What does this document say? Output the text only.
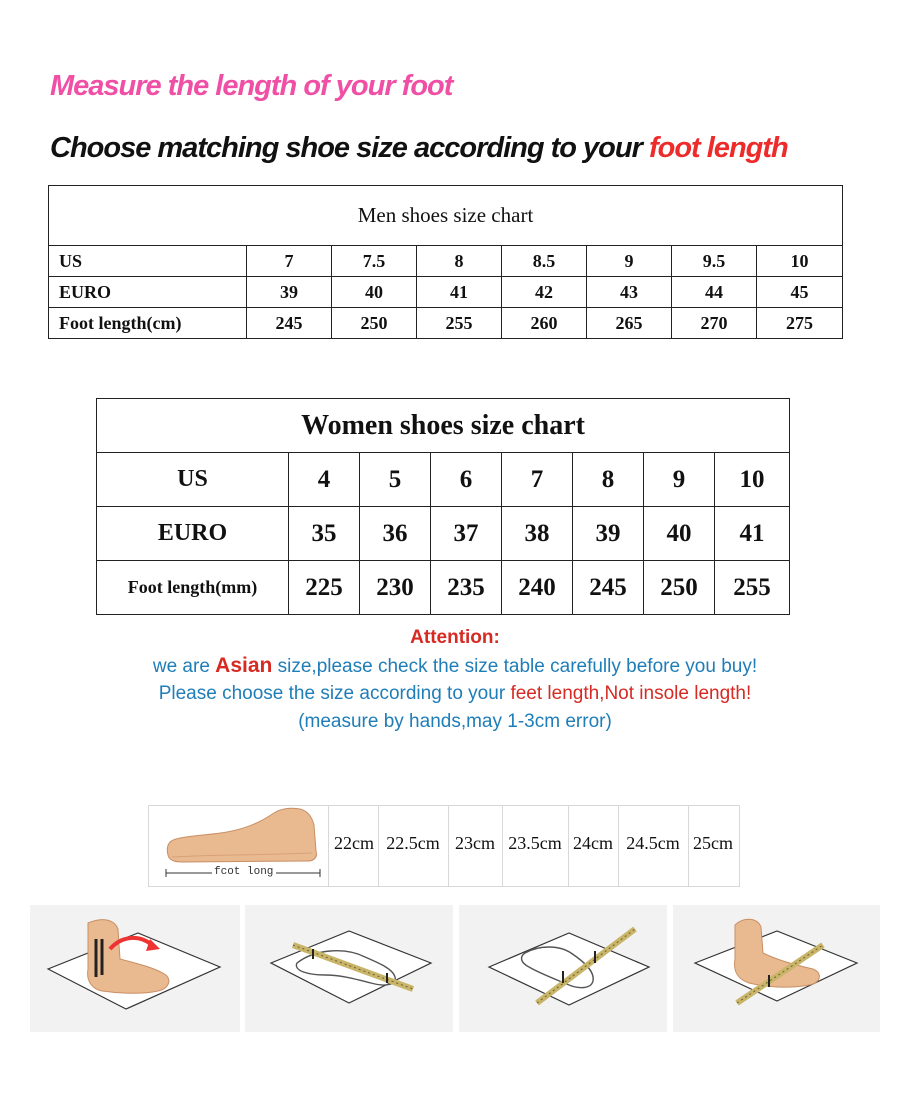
Measure the length of your foot
Choose matching shoe size according to your foot length
Men shoes size chart							
US	7	7.5	8	8.5	9	9.5	10
EURO	39	40	41	42	43	44	45
Foot length(cm)	245	250	255	260	265	270	275
Women shoes size chart							
US	4	5	6	7	8	9	10
EURO	35	36	37	38	39	40	41
Foot length(mm)	225	230	235	240	245	250	255
Attention:
we are Asian size,please check the size table carefully before you buy!
Please choose the size according to your feet length,Not insole length!
(measure by hands,may 1-3cm error)
fcot long
22cm 22.5cm 23cm 23.5cm 24cm 24.5cm 25cm
